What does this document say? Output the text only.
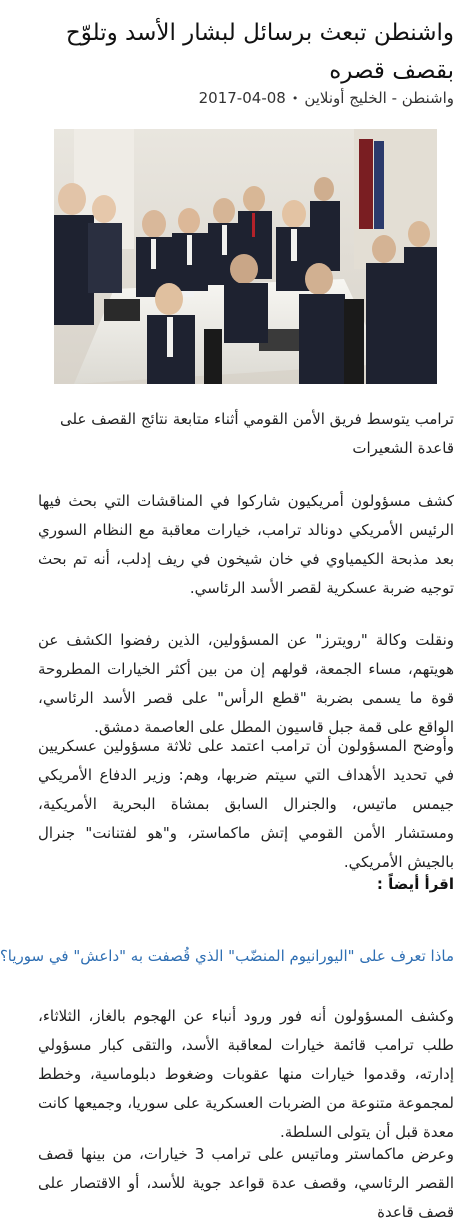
واشنطن تبعث برسائل لبشار الأسد وتلوّح بقصف قصره
واشنطن - الخليج أونلاين•08-04-2017

ترامب يتوسط فريق الأمن القومي أثناء متابعة نتائج القصف على قاعدة الشعيرات

كشف مسؤولون أمريكيون شاركوا في المناقشات التي بحث فيها الرئيس الأمريكي دونالد ترامب، خيارات معاقبة مع النظام السوري بعد مذبحة الكيمياوي في خان شيخون في ريف إدلب، أنه تم بحث توجيه ضربة عسكرية لقصر الأسد الرئاسي.

ونقلت وكالة "رويترز" عن المسؤولين، الذين رفضوا الكشف عن هويتهم، مساء الجمعة، قولهم إن من بين أكثر الخيارات المطروحة قوة ما يسمى بضربة "قطع الرأس" على قصر الأسد الرئاسي، الواقع على قمة جبل قاسيون المطل على العاصمة دمشق.

وأوضح المسؤولون أن ترامب اعتمد على ثلاثة مسؤولين عسكريين في تحديد الأهداف التي سيتم ضربها، وهم: وزير الدفاع الأمريكي جيمس ماتيس، والجنرال السابق بمشاة البحرية الأمريكية، ومستشار الأمن القومي إتش ماكماستر، و"هو لفتنانت" جنرال بالجيش الأمريكي.

اقرأ أيضاً :
ماذا تعرف على "اليورانيوم المنضّب" الذي قُصفت به "داعش" في سوريا؟

وكشف المسؤولون أنه فور ورود أنباء عن الهجوم بالغاز، الثلاثاء، طلب ترامب قائمة خيارات لمعاقبة الأسد، والتقى كبار مسؤولي إدارته، وقدموا خيارات منها عقوبات وضغوط دبلوماسية، وخطط لمجموعة متنوعة من الضربات العسكرية على سوريا، وجميعها كانت معدة قبل أن يتولى السلطة.

وعرض ماكماستر وماتيس على ترامب 3 خيارات، من بينها قصف القصر الرئاسي، وقصف عدة قواعد جوية للأسد، أو الاقتصار على قصف قاعدة
